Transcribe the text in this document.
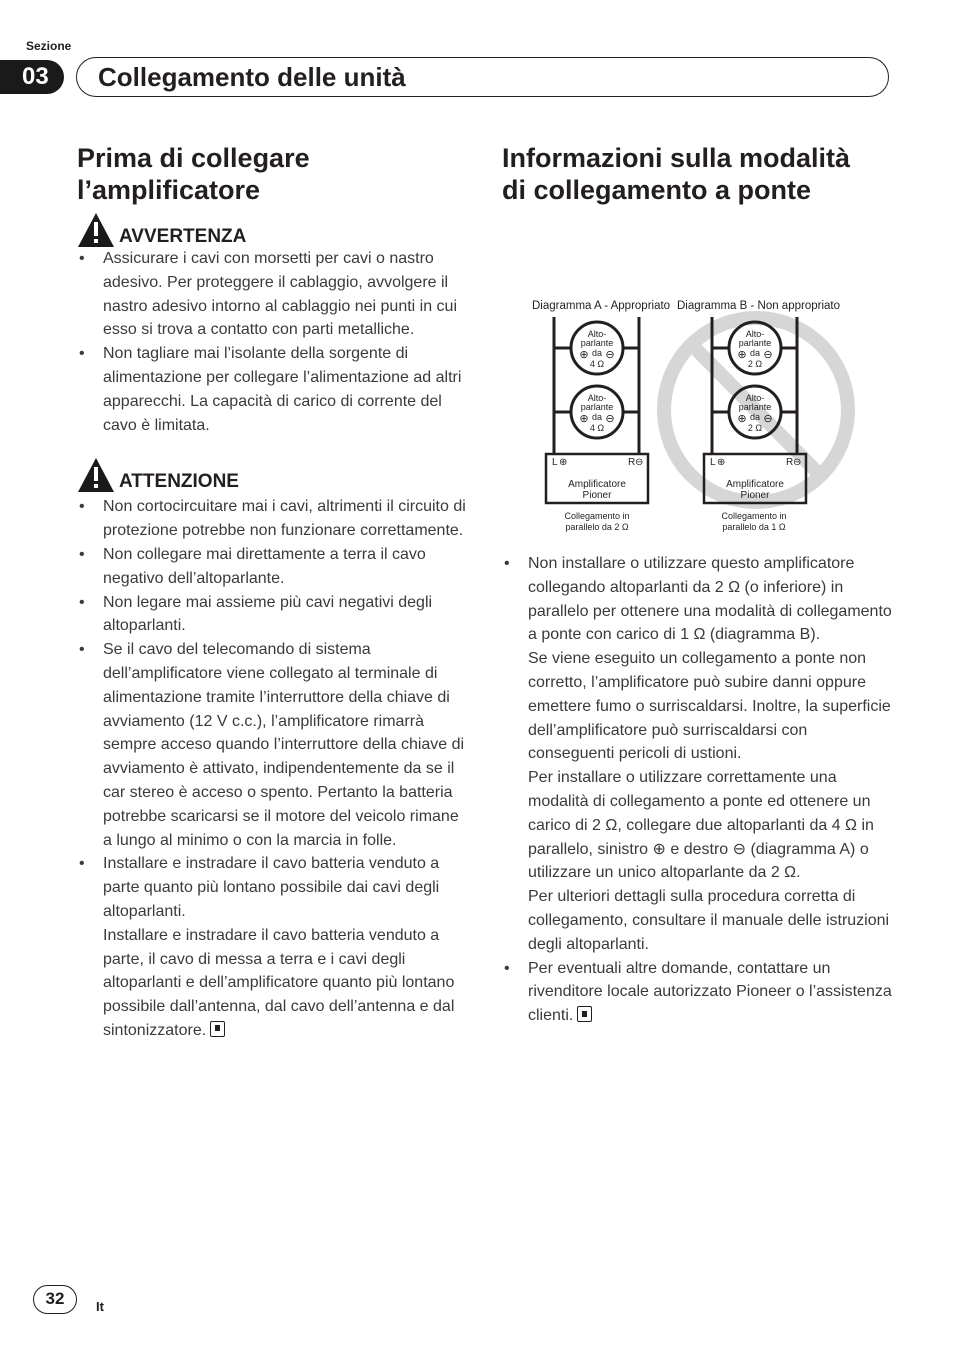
Sezione
03	Collegamento delle unità
Prima di collegare
l’amplificatore
AVVERTENZA
• Assicurare i cavi con morsetti per cavi o nastro adesivo. Per proteggere il cablaggio, avvolgere il nastro adesivo intorno al cablaggio nei punti in cui esso si trova a contatto con parti metalliche.
• Non tagliare mai l’isolante della sorgente di alimentazione per collegare l’alimentazione ad altri apparecchi. La capacità di carico di corrente del cavo è limitata.
ATTENZIONE
• Non cortocircuitare mai i cavi, altrimenti il circuito di protezione potrebbe non funzionare correttamente.
• Non collegare mai direttamente a terra il cavo negativo dell’altoparlante.
• Non legare mai assieme più cavi negativi degli altoparlanti.
• Se il cavo del telecomando di sistema dell’amplificatore viene collegato al terminale di alimentazione tramite l’interruttore della chiave di avviamento (12 V c.c.), l’amplificatore rimarrà sempre acceso quando l’interruttore della chiave di avviamento è attivato, indipendentemente da se il car stereo è acceso o spento. Pertanto la batteria potrebbe scaricarsi se il motore del veicolo rimane a lungo al minimo o con la marcia in folle.
• Installare e instradare il cavo batteria venduto a parte quanto più lontano possibile dai cavi degli altoparlanti.
Installare e instradare il cavo batteria venduto a parte, il cavo di messa a terra e i cavi degli altoparlanti e dell’amplificatore quanto più lontano possibile dall’antenna, dal cavo dell’antenna e dal sintonizzatore.
Informazioni sulla modalità
di collegamento a ponte
Diagramma A - Appropriato Diagramma B - Non appropriato
Alto-
parlante
da
4 Ω
⊕ ⊖
Alto-
parlante
da
4 Ω
⊕ ⊖
Alto-
parlante
da
2 Ω
⊕ ⊖
Alto-
parlante
da
2 Ω
⊕ ⊖
L ⊕	R ⊖
Amplificatore
Pioner
L ⊕	R ⊖
Amplificatore
Pioner
Collegamento in
parallelo da 2 Ω
Collegamento in
parallelo da 1 Ω
• Non installare o utilizzare questo amplificatore collegando altoparlanti da 2 Ω (o inferiore) in parallelo per ottenere una modalità di collegamento a ponte con carico di 1 Ω (diagramma B).
Se viene eseguito un collegamento a ponte non corretto, l’amplificatore può subire danni oppure emettere fumo o surriscaldarsi. Inoltre, la superficie dell’amplificatore può surriscaldarsi con conseguenti pericoli di ustioni.
Per installare o utilizzare correttamente una modalità di collegamento a ponte ed ottenere un carico di 2 Ω, collegare due altoparlanti da 4 Ω in parallelo, sinistro ⊕ e destro ⊖ (diagramma A) o utilizzare un unico altoparlante da 2 Ω.
Per ulteriori dettagli sulla procedura corretta di collegamento, consultare il manuale delle istruzioni degli altoparlanti.
• Per eventuali altre domande, contattare un rivenditore locale autorizzato Pioneer o l’assistenza clienti.
32	It
